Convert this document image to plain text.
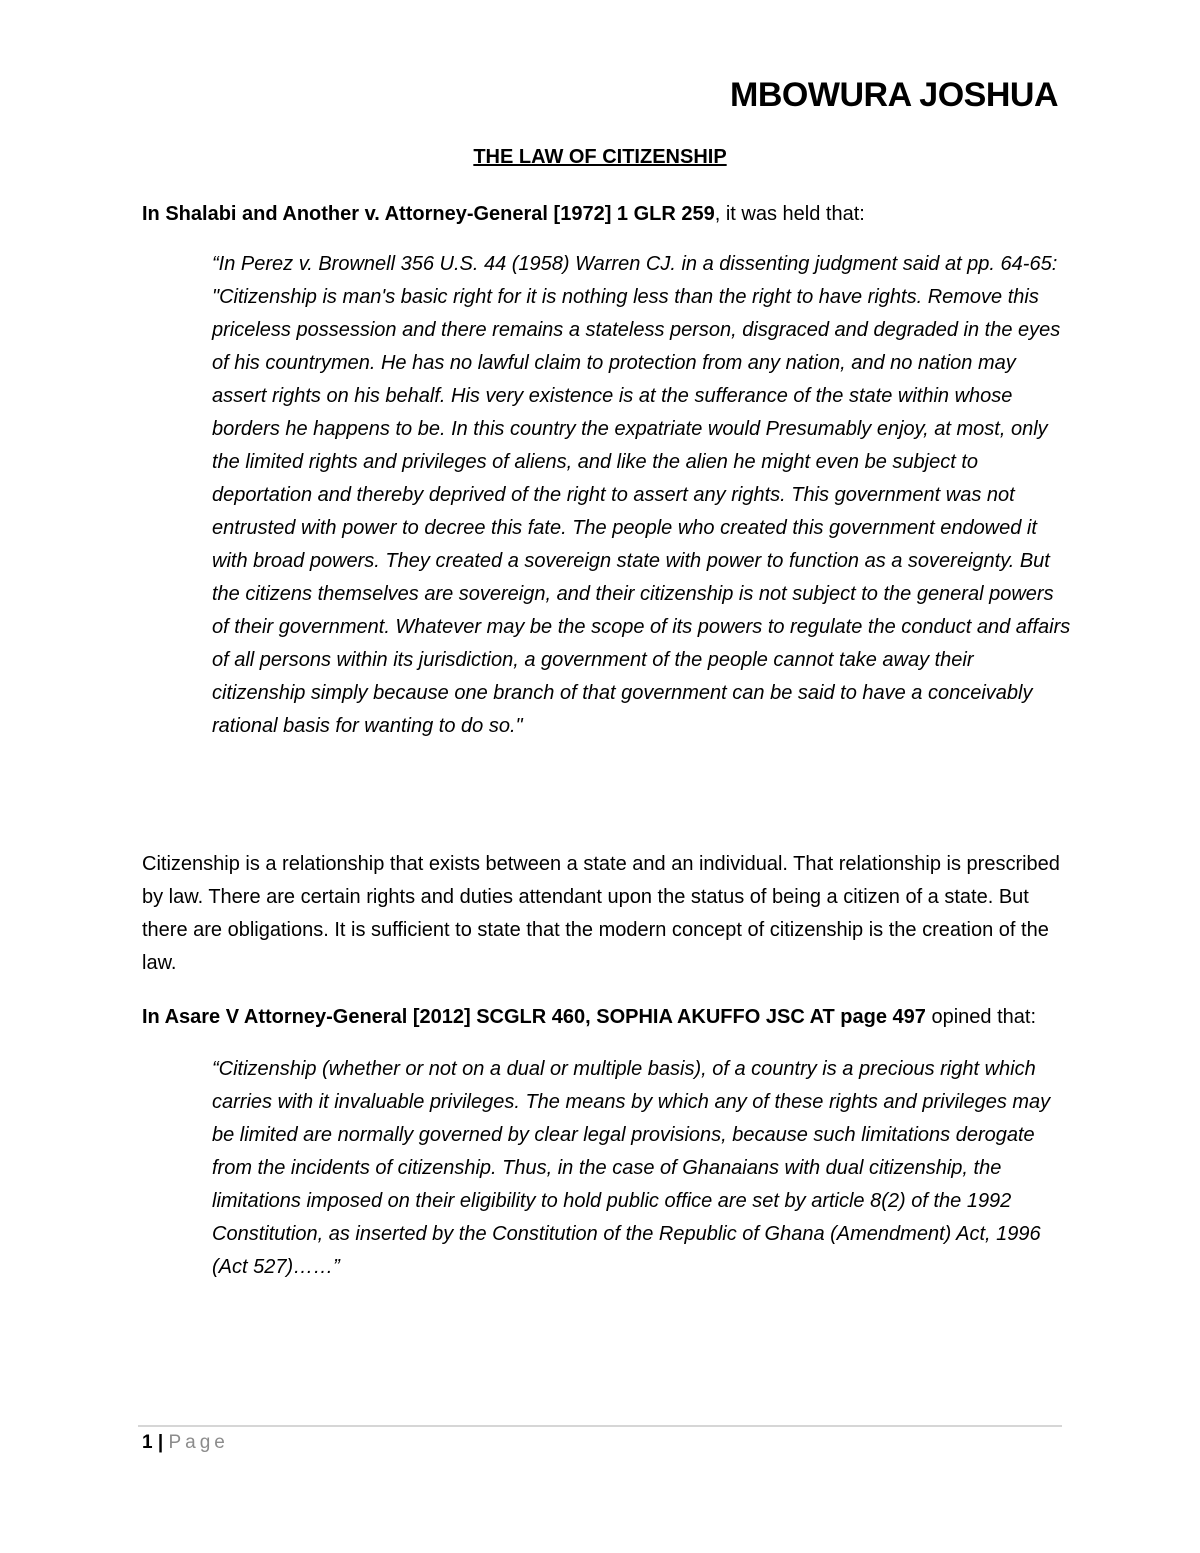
MBOWURA JOSHUA
THE LAW OF CITIZENSHIP

In Shalabi and Another v. Attorney-General [1972] 1 GLR 259, it was held that:

“In Perez v. Brownell 356 U.S. 44 (1958) Warren CJ. in a dissenting judgment said at pp. 64-65: "Citizenship is man's basic right for it is nothing less than the right to have rights. Remove this priceless possession and there remains a stateless person, disgraced and degraded in the eyes of his countrymen. He has no lawful claim to protection from any nation, and no nation may assert rights on his behalf. His very existence is at the sufferance of the state within whose borders he happens to be. In this country the expatriate would Presumably enjoy, at most, only the limited rights and privileges of aliens, and like the alien he might even be subject to deportation and thereby deprived of the right to assert any rights. This government was not entrusted with power to decree this fate. The people who created this government endowed it with broad powers. They created a sovereign state with power to function as a sovereignty. But the citizens themselves are sovereign, and their citizenship is not subject to the general powers of their government. Whatever may be the scope of its powers to regulate the conduct and affairs of all persons within its jurisdiction, a government of the people cannot take away their citizenship simply because one branch of that government can be said to have a conceivably rational basis for wanting to do so."

Citizenship is a relationship that exists between a state and an individual. That relationship is prescribed by law. There are certain rights and duties attendant upon the status of being a citizen of a state. But there are obligations. It is sufficient to state that the modern concept of citizenship is the creation of the law.

In Asare V Attorney-General [2012] SCGLR 460, SOPHIA AKUFFO JSC AT page 497 opined that:

“Citizenship (whether or not on a dual or multiple basis), of a country is a precious right which carries with it invaluable privileges. The means by which any of these rights and privileges may be limited are normally governed by clear legal provisions, because such limitations derogate from the incidents of citizenship. Thus, in the case of Ghanaians with dual citizenship, the limitations imposed on their eligibility to hold public office are set by article 8(2) of the 1992 Constitution, as inserted by the Constitution of the Republic of Ghana (Amendment) Act, 1996 (Act 527)……”

1 | Page
